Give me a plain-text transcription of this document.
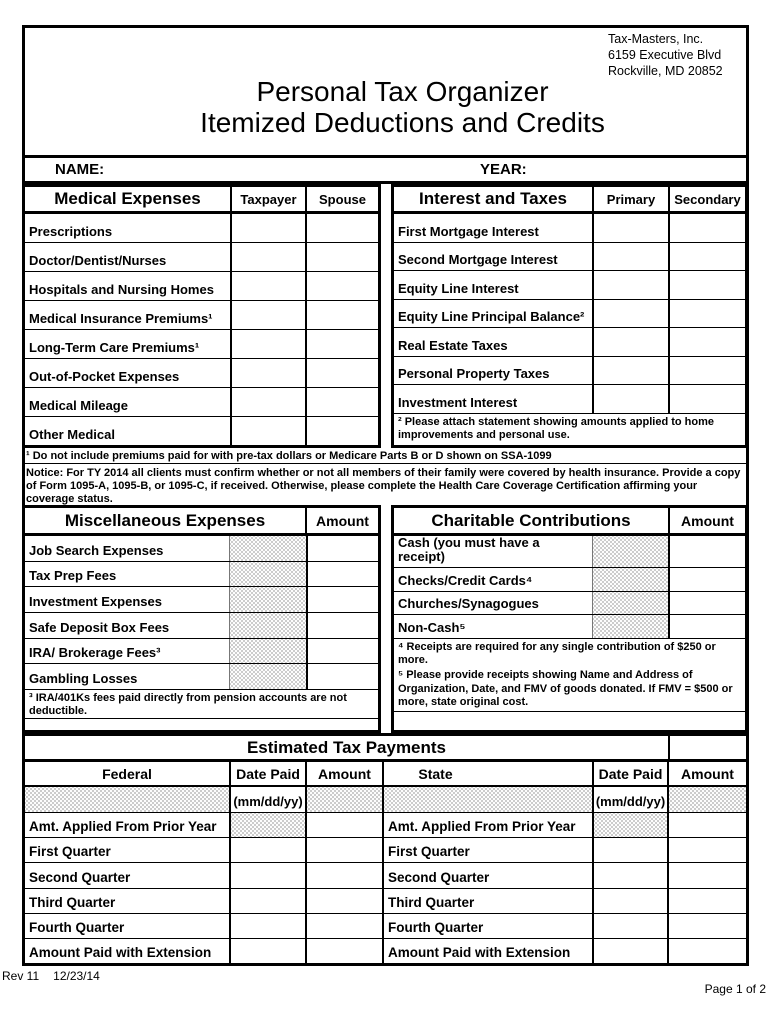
Tax-Masters, Inc.
6159 Executive Blvd
Rockville, MD 20852
Personal Tax Organizer
Itemized Deductions and Credits
NAME:	YEAR:
Medical Expenses	Taxpayer	Spouse
Prescriptions
Doctor/Dentist/Nurses
Hospitals and Nursing Homes
Medical Insurance Premiums¹
Long-Term Care Premiums¹
Out-of-Pocket Expenses
Medical Mileage
Other Medical
Interest and Taxes	Primary	Secondary
First Mortgage Interest
Second Mortgage Interest
Equity Line Interest
Equity Line Principal Balance²
Real Estate Taxes
Personal Property Taxes
Investment Interest
² Please attach statement showing amounts applied to home improvements and personal use.
¹ Do not include premiums paid for with pre-tax dollars or Medicare Parts B or D shown on SSA-1099
Notice: For TY 2014 all clients must confirm whether or not all members of their family were covered by health insurance. Provide a copy of Form 1095-A, 1095-B, or 1095-C, if received. Otherwise, please complete the Health Care Coverage Certification affirming your coverage status.
Miscellaneous Expenses	Amount
Job Search Expenses
Tax Prep Fees
Investment Expenses
Safe Deposit Box Fees
IRA/ Brokerage Fees³
Gambling Losses
³ IRA/401Ks fees paid directly from pension accounts are not deductible.
Charitable Contributions	Amount
Cash (you must have a receipt)
Checks/Credit Cards⁴
Churches/Synagogues
Non-Cash⁵
⁴ Receipts are required for any single contribution of $250 or more.
⁵ Please provide receipts showing Name and Address of Organization, Date, and FMV of goods donated. If FMV = $500 or more, state original cost.
Estimated Tax Payments
Federal	Date Paid	Amount	State	Date Paid	Amount
(mm/dd/yy)	(mm/dd/yy)
Amt. Applied From Prior Year	Amt. Applied From Prior Year
First Quarter	First Quarter
Second Quarter	Second Quarter
Third Quarter	Third Quarter
Fourth Quarter	Fourth Quarter
Amount Paid with Extension	Amount Paid with Extension
Rev 11 12/23/14
Page 1 of 2
